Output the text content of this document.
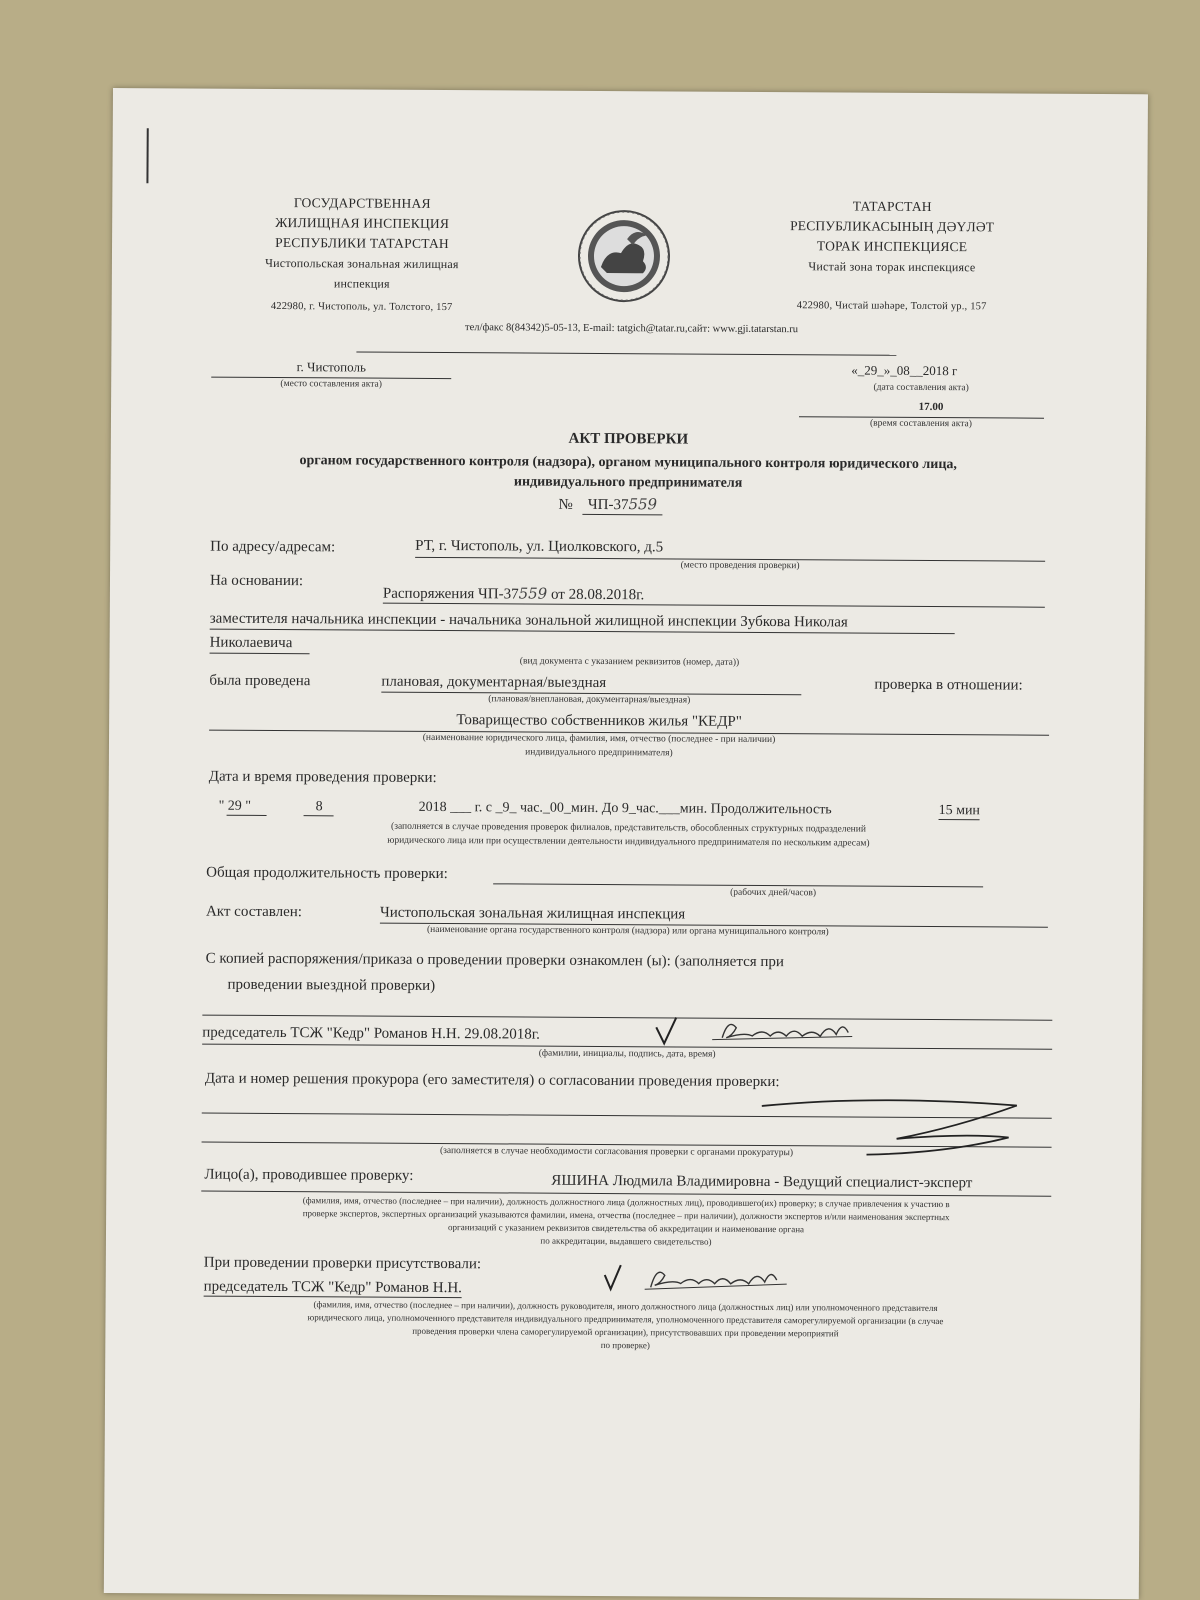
ГОСУДАРСТВЕННАЯ
ЖИЛИЩНАЯ ИНСПЕКЦИЯ
РЕСПУБЛИКИ ТАТАРСТАН
Чистопольская зональная жилищная
инспекция
422980, г. Чистополь, ул. Толстого, 157
ТАТАРСТАН
РЕСПУБЛИКАСЫНЫҢ ДӘҮЛӘТ
ТОРАК ИНСПЕКЦИЯСЕ
Чистай зона торак инспекциясе
422980, Чистай шәһәре, Толстой ур., 157
тел/факс 8(84342)5-05-13, E-mail: tatgich@tatar.ru,сайт: www.gji.tatarstan.ru
г. Чистополь
(место составления акта)
«_29_»_08__2018 г
(дата составления акта)
17.00
(время составления акта)
АКТ ПРОВЕРКИ
органом государственного контроля (надзора), органом муниципального контроля юридического лица,
индивидуального предпринимателя
№ ЧП-37559
По адресу/адресам:	РТ, г. Чистополь, ул. Циолковского, д.5
(место проведения проверки)
На основании:
Распоряжения ЧП-37559 от 28.08.2018г.
заместителя начальника инспекции - начальника зональной жилищной инспекции Зубкова Николая
Николаевича
(вид документа с указанием реквизитов (номер, дата))
была проведена	плановая, документарная/выездная	проверка в отношении:
(плановая/внеплановая, документарная/выездная)
Товарищество собственников жилья "КЕДР"
(наименование юридического лица, фамилия, имя, отчество (последнее - при наличии)
индивидуального предпринимателя)
Дата и время проведения проверки:
" 29 "	8	2018 ___ г. с _9_ час._00_мин. До 9_час.___мин. Продолжительность	15 мин
(заполняется в случае проведения проверок филиалов, представительств, обособленных структурных подразделений
юридического лица или при осуществлении деятельности индивидуального предпринимателя по нескольким адресам)
Общая продолжительность проверки:
(рабочих дней/часов)
Акт составлен:	Чистопольская зональная жилищная инспекция
(наименование органа государственного контроля (надзора) или органа муниципального контроля)
С копией распоряжения/приказа о проведении проверки ознакомлен (ы): (заполняется при
проведении выездной проверки)
председатель ТСЖ "Кедр" Романов Н.Н. 29.08.2018г.
(фамилии, инициалы, подпись, дата, время)
Дата и номер решения прокурора (его заместителя) о согласовании проведения проверки:
(заполняется в случае необходимости согласования проверки с органами прокуратуры)
Лицо(а), проводившее проверку:	ЯШИНА Людмила Владимировна - Ведущий специалист-эксперт
(фамилия, имя, отчество (последнее – при наличии), должность должностного лица (должностных лиц), проводившего(их) проверку; в случае привлечения к участию в
проверке экспертов, экспертных организаций указываются фамилии, имена, отчества (последнее – при наличии), должности экспертов и/или наименования экспертных
организаций с указанием реквизитов свидетельства об аккредитации и наименование органа
по аккредитации, выдавшего свидетельство)
При проведении проверки присутствовали:
председатель ТСЖ "Кедр" Романов Н.Н.
(фамилия, имя, отчество (последнее – при наличии), должность руководителя, иного должностного лица (должностных лиц) или уполномоченного представителя
юридического лица, уполномоченного представителя индивидуального предпринимателя, уполномоченного представителя саморегулируемой организации (в случае
проведения проверки члена саморегулируемой организации), присутствовавших при проведении мероприятий
по проверке)
